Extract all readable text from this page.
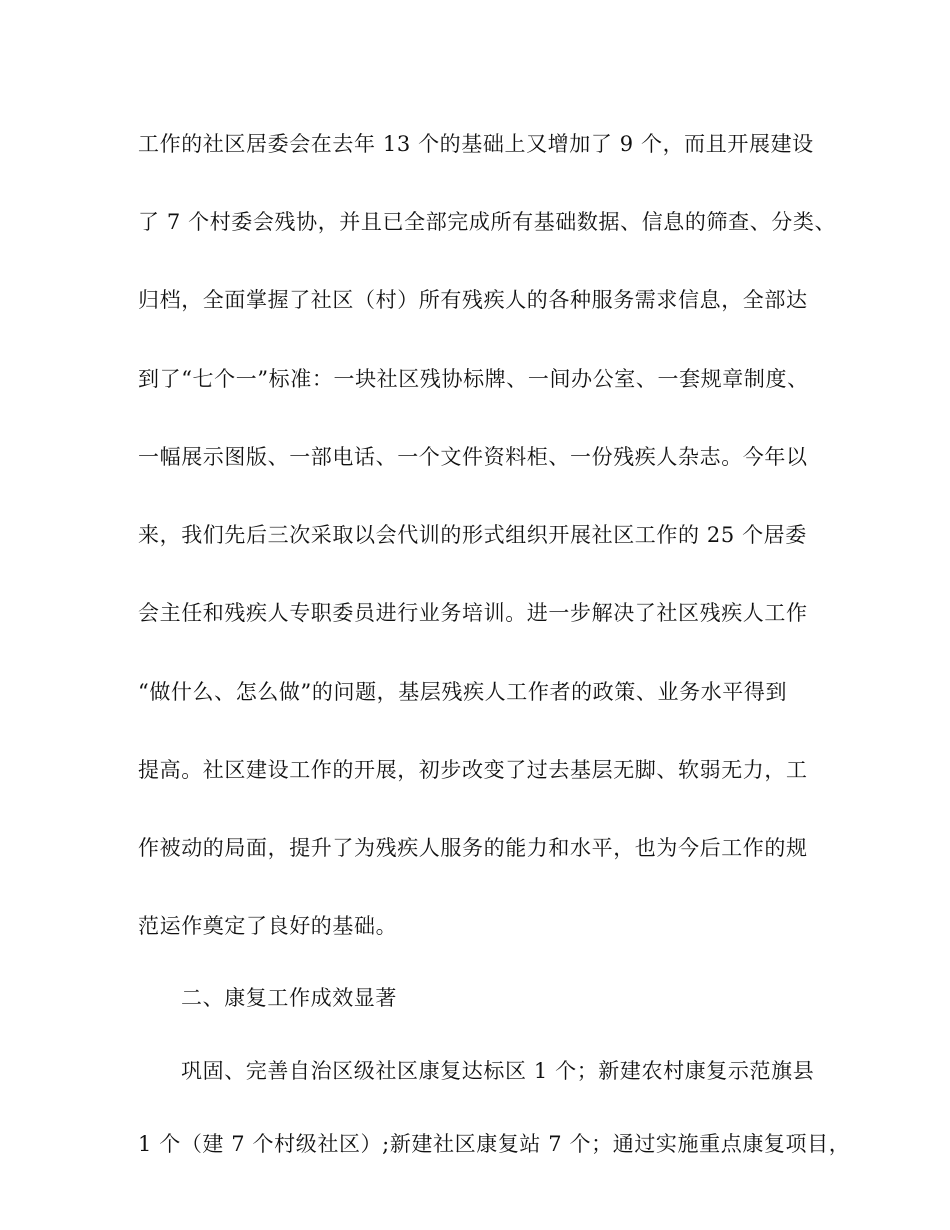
工作的社区居委会在去年 13 个的基础上又增加了 9 个，而且开展建设
了 7 个村委会残协，并且已全部完成所有基础数据、信息的筛查、分类、
归档，全面掌握了社区（村）所有残疾人的各种服务需求信息，全部达
到了“七个一”标准：一块社区残协标牌、一间办公室、一套规章制度、
一幅展示图版、一部电话、一个文件资料柜、一份残疾人杂志。今年以
来，我们先后三次采取以会代训的形式组织开展社区工作的 25 个居委
会主任和残疾人专职委员进行业务培训。进一步解决了社区残疾人工作
“做什么、怎么做”的问题，基层残疾人工作者的政策、业务水平得到
提高。社区建设工作的开展，初步改变了过去基层无脚、软弱无力，工
作被动的局面，提升了为残疾人服务的能力和水平，也为今后工作的规
范运作奠定了良好的基础。
二、康复工作成效显著
巩固、完善自治区级社区康复达标区 1 个；新建农村康复示范旗县
1 个（建 7 个村级社区）;新建社区康复站 7 个；通过实施重点康复项目，
